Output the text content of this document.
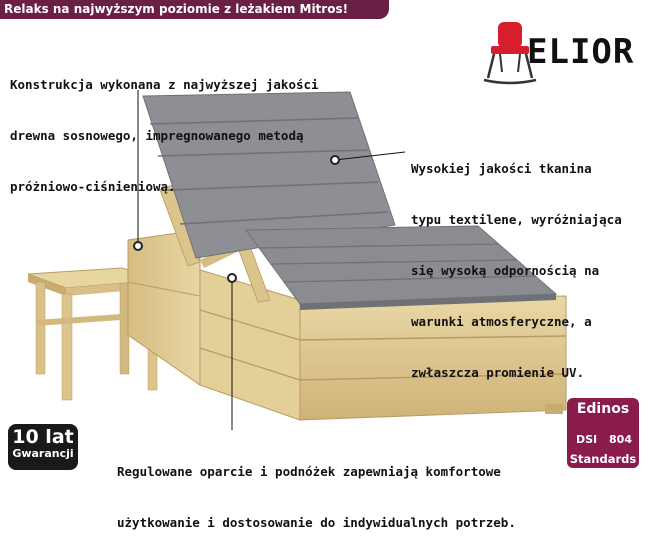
Relaks na najwyższym poziomie z leżakiem Mitros!
ELIOR

Konstrukcja wykonana z najwyższej jakości

drewna sosnowego, impregnowanego metodą

próżniowo-ciśnieniową.

Wysokiej jakości tkanina

typu textilene, wyróżniająca

się wysoką odpornością na

warunki atmosferyczne, a

zwłaszcza promienie UV.

Regulowane oparcie i podnóżek zapewniają komfortowe

użytkowanie i dostosowanie do indywidualnych potrzeb.

10 lat
Gwarancji
Edinos
DSI 804
Standards
